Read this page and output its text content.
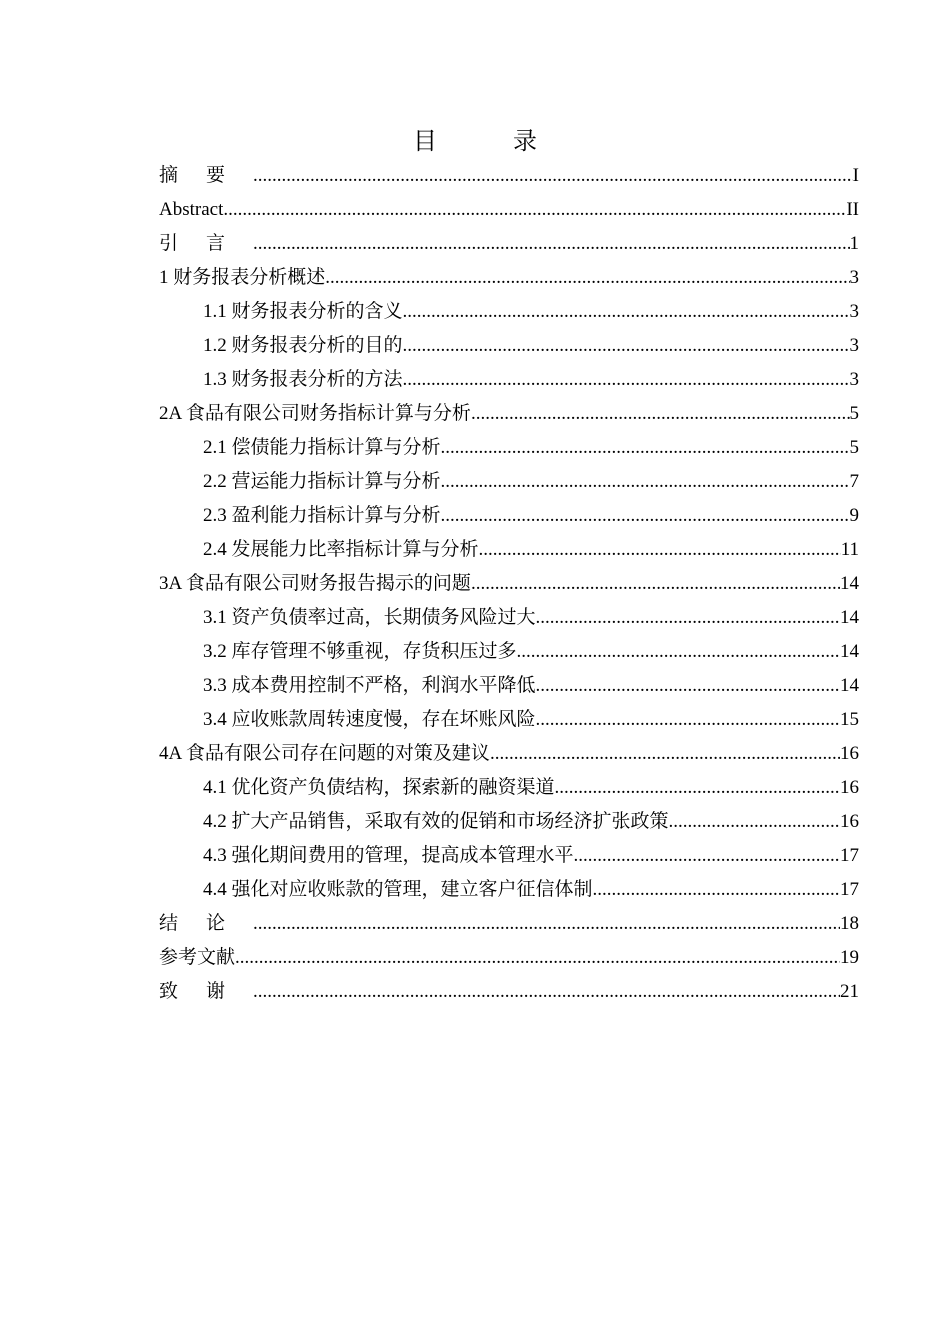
目　录
摘要 .....	I
Abstract .....	II
引言 .....	1
1 财务报表分析概述 .....	3
1.1 财务报表分析的含义 .....	3
1.2 财务报表分析的目的 .....	3
1.3 财务报表分析的方法 .....	3
2A 食品有限公司财务指标计算与分析 .....	5
2.1 偿债能力指标计算与分析 .....	5
2.2 营运能力指标计算与分析 .....	7
2.3 盈利能力指标计算与分析 .....	9
2.4 发展能力比率指标计算与分析 .....	11
3A 食品有限公司财务报告揭示的问题 .....	14
3.1 资产负债率过高，长期债务风险过大 .....	14
3.2 库存管理不够重视，存货积压过多 .....	14
3.3 成本费用控制不严格，利润水平降低 .....	14
3.4 应收账款周转速度慢，存在坏账风险 .....	15
4A 食品有限公司存在问题的对策及建议 .....	16
4.1 优化资产负债结构，探索新的融资渠道 .....	16
4.2 扩大产品销售，采取有效的促销和市场经济扩张政策 .....	16
4.3 强化期间费用的管理，提高成本管理水平 .....	17
4.4 强化对应收账款的管理，建立客户征信体制 .....	17
结论 .....	18
参考文献 .....	19
致谢 .....	21
